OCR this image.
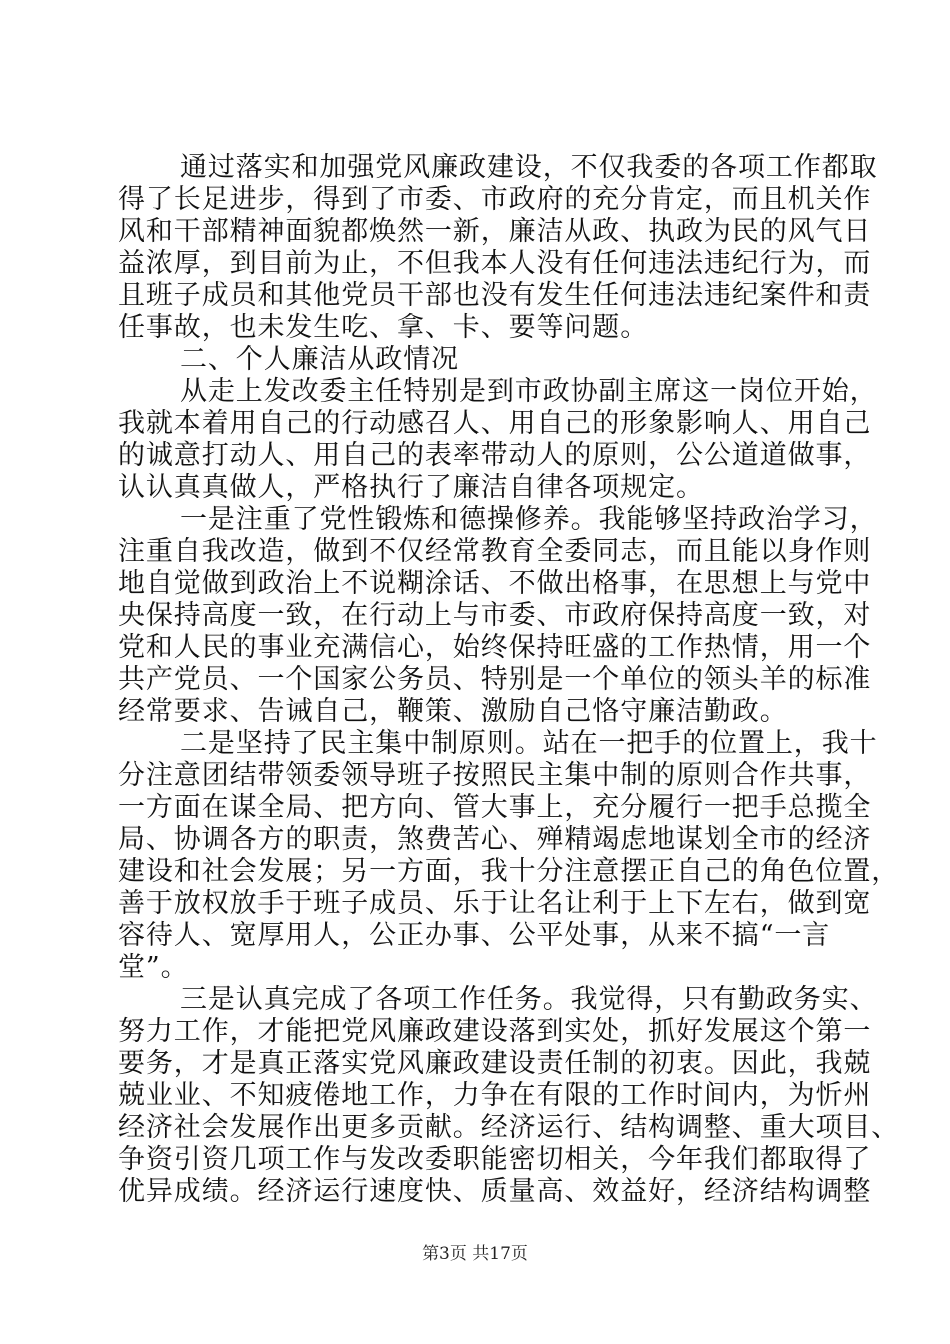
通过落实和加强党风廉政建设，不仅我委的各项工作都取
得了长足进步，得到了市委、市政府的充分肯定，而且机关作
风和干部精神面貌都焕然一新，廉洁从政、执政为民的风气日
益浓厚，到目前为止，不但我本人没有任何违法违纪行为，而
且班子成员和其他党员干部也没有发生任何违法违纪案件和责
任事故，也未发生吃、拿、卡、要等问题。
二、个人廉洁从政情况
从走上发改委主任特别是到市政协副主席这一岗位开始，
我就本着用自己的行动感召人、用自己的形象影响人、用自己
的诚意打动人、用自己的表率带动人的原则，公公道道做事，
认认真真做人，严格执行了廉洁自律各项规定。
一是注重了党性锻炼和德操修养。我能够坚持政治学习，
注重自我改造，做到不仅经常教育全委同志，而且能以身作则
地自觉做到政治上不说糊涂话、不做出格事，在思想上与党中
央保持高度一致，在行动上与市委、市政府保持高度一致，对
党和人民的事业充满信心，始终保持旺盛的工作热情，用一个
共产党员、一个国家公务员、特别是一个单位的领头羊的标准
经常要求、告诫自己，鞭策、激励自己恪守廉洁勤政。
二是坚持了民主集中制原则。站在一把手的位置上，我十
分注意团结带领委领导班子按照民主集中制的原则合作共事，
一方面在谋全局、把方向、管大事上，充分履行一把手总揽全
局、协调各方的职责，煞费苦心、殚精竭虑地谋划全市的经济
建设和社会发展；另一方面，我十分注意摆正自己的角色位置，
善于放权放手于班子成员、乐于让名让利于上下左右，做到宽
容待人、宽厚用人，公正办事、公平处事，从来不搞“一言
堂”。
三是认真完成了各项工作任务。我觉得，只有勤政务实、
努力工作，才能把党风廉政建设落到实处，抓好发展这个第一
要务，才是真正落实党风廉政建设责任制的初衷。因此，我兢
兢业业、不知疲倦地工作，力争在有限的工作时间内，为忻州
经济社会发展作出更多贡献。经济运行、结构调整、重大项目、
争资引资几项工作与发改委职能密切相关，今年我们都取得了
优异成绩。经济运行速度快、质量高、效益好，经济结构调整
第3页 共17页
